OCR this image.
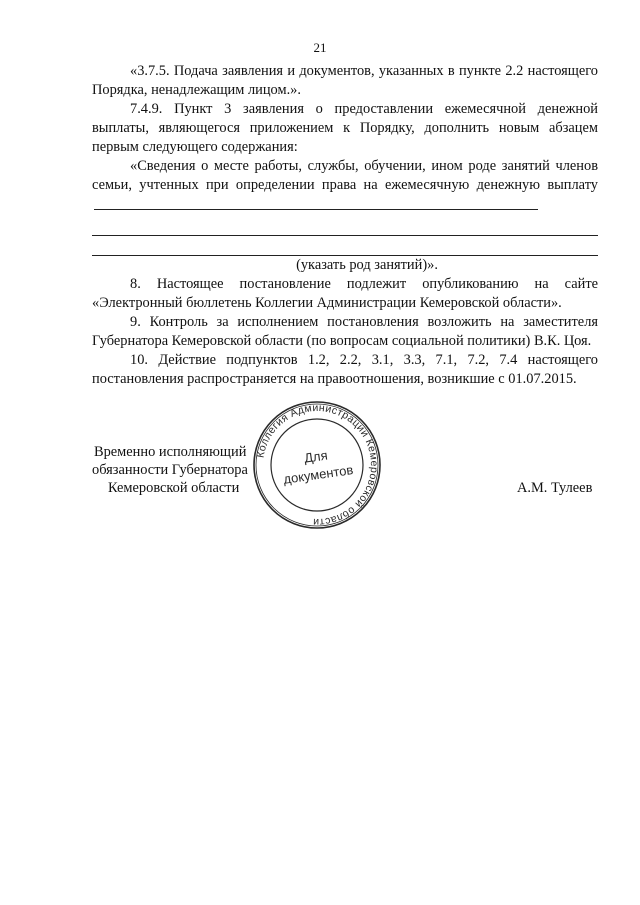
21

«3.7.5. Подача заявления и документов, указанных в пункте 2.2 настоящего Порядка, ненадлежащим лицом.».

7.4.9. Пункт 3 заявления о предоставлении ежемесячной денежной выплаты, являющегося приложением к Порядку, дополнить новым абзацем первым следующего содержания:

«Сведения о месте работы, службы, обучении, ином роде занятий членов семьи, учтенных при определении права на ежемесячную денежную выплату

(указать род занятий)».

8. Настоящее постановление подлежит опубликованию на сайте «Электронный бюллетень Коллегии Администрации Кемеровской области».

9. Контроль за исполнением постановления возложить на заместителя Губернатора Кемеровской области (по вопросам социальной политики) В.К. Цоя.

10. Действие подпунктов 1.2, 2.2, 3.1, 3.3, 7.1, 7.2, 7.4 настоящего постановления распространяется на правоотношения, возникшие с 01.07.2015.

Временно исполняющий
обязанности Губернатора
Кемеровской области	А.М. Тулеев
Коллегия Администрации Кемеровской области
Для
документов
